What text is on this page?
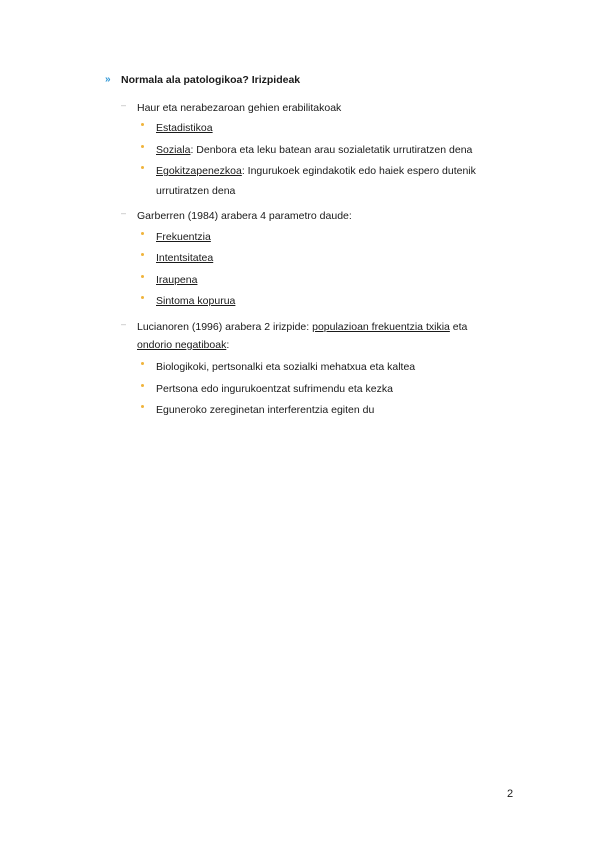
» Normala ala patologikoa? Irizpideak
– Haur eta nerabezaroan gehien erabilitakoak
Estadistikoa
Soziala: Denbora eta leku batean arau sozialetatik urrutiratzen dena
Egokitzapenezkoa: Ingurukoek egindakotik edo haiek espero dutenik
urrutiratzen dena
– Garberren (1984) arabera 4 parametro daude:
Frekuentzia
Intentsitatea
Iraupena
Sintoma kopurua
– Lucianoren (1996) arabera 2 irizpide: populazioan frekuentzia txikia eta
ondorio negatiboak:
Biologikoki, pertsonalki eta sozialki mehatxua eta kaltea
Pertsona edo ingurukoentzat sufrimendu eta kezka
Eguneroko zereginetan interferentzia egiten du
2
